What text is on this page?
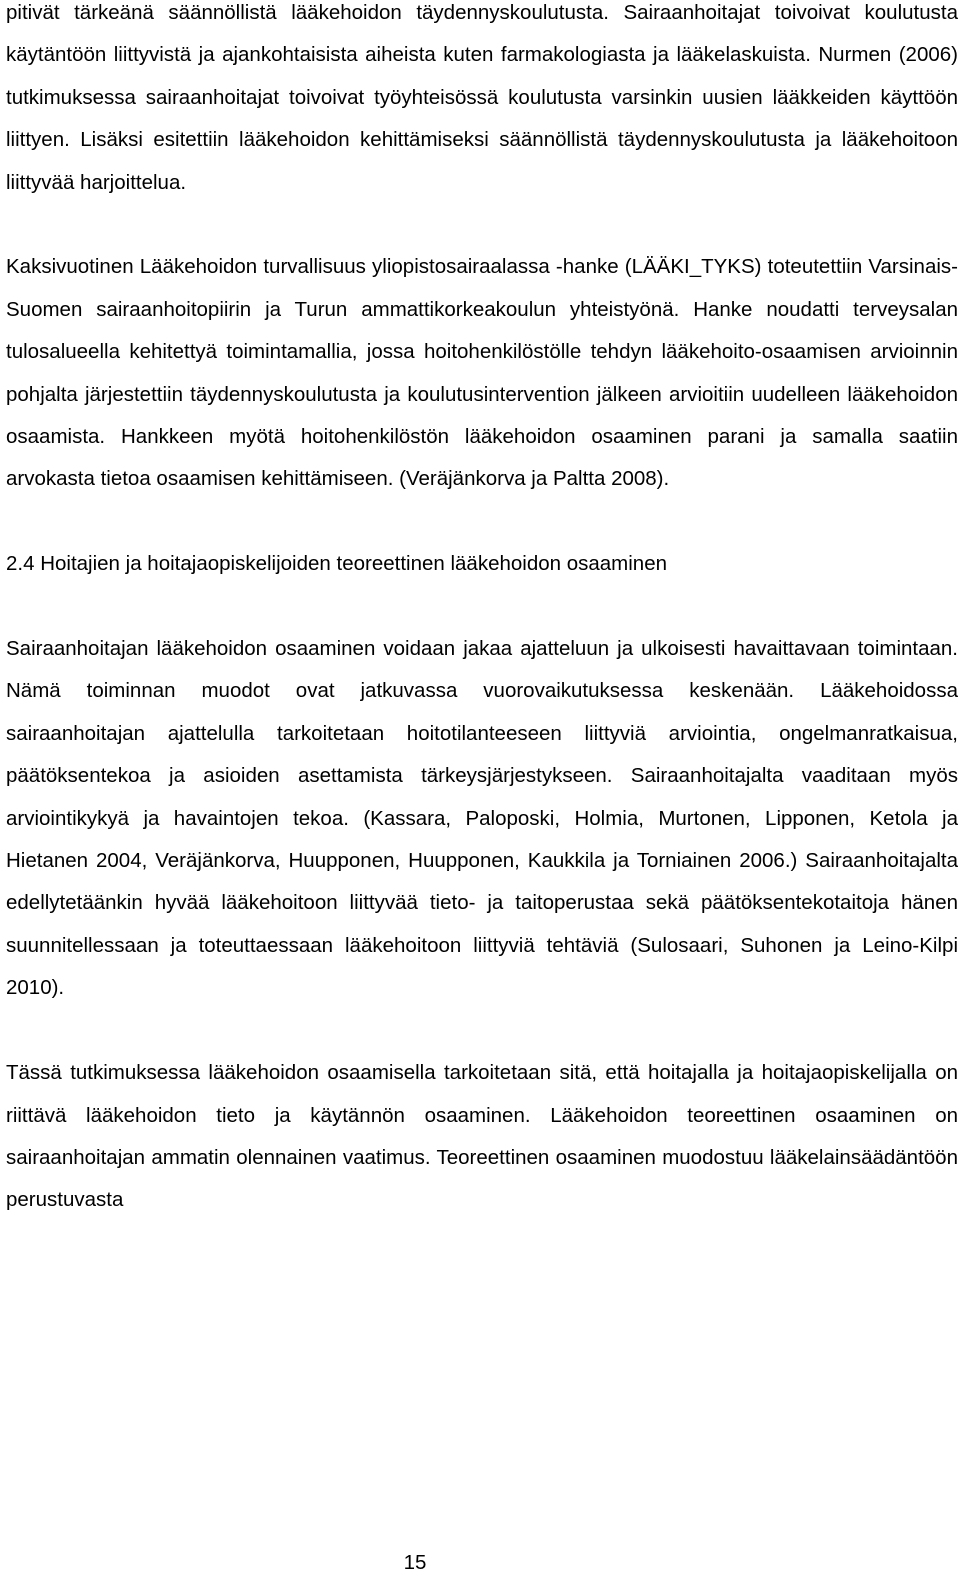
pitivät tärkeänä säännöllistä lääkehoidon täydennyskoulutusta. Sairaanhoitajat toivoivat koulutusta käytäntöön liittyvistä ja ajankohtaisista aiheista kuten farmakologiasta ja lääkelaskuista. Nurmen (2006) tutkimuksessa sairaanhoitajat toivoivat työyhteisössä koulutusta varsinkin uusien lääkkeiden käyttöön liittyen. Lisäksi esitettiin lääkehoidon kehittämiseksi säännöllistä täydennyskoulutusta ja lääkehoitoon liittyvää harjoittelua.

Kaksivuotinen Lääkehoidon turvallisuus yliopistosairaalassa -hanke (LÄÄKI_TYKS) toteutettiin Varsinais-Suomen sairaanhoitopiirin ja Turun ammattikorkeakoulun yhteistyönä. Hanke noudatti terveysalan tulosalueella kehitettyä toimintamallia, jossa hoitohenkilöstölle tehdyn lääkehoito-osaamisen arvioinnin pohjalta järjestettiin täydennyskoulutusta ja koulutusintervention jälkeen arvioitiin uudelleen lääkehoidon osaamista. Hankkeen myötä hoitohenkilöstön lääkehoidon osaaminen parani ja samalla saatiin arvokasta tietoa osaamisen kehittämiseen. (Veräjänkorva ja Paltta 2008).

2.4 Hoitajien ja hoitajaopiskelijoiden teoreettinen lääkehoidon osaaminen

Sairaanhoitajan lääkehoidon osaaminen voidaan jakaa ajatteluun ja ulkoisesti havaittavaan toimintaan. Nämä toiminnan muodot ovat jatkuvassa vuorovaikutuksessa keskenään. Lääkehoidossa sairaanhoitajan ajattelulla tarkoitetaan hoitotilanteeseen liittyviä arviointia, ongelmanratkaisua, päätöksentekoa ja asioiden asettamista tärkeysjärjestykseen. Sairaanhoitajalta vaaditaan myös arviointikykyä ja havaintojen tekoa. (Kassara, Paloposki, Holmia, Murtonen, Lipponen, Ketola ja Hietanen 2004, Veräjänkorva, Huupponen, Huupponen, Kaukkila ja Torniainen 2006.) Sairaanhoitajalta edellytetäänkin hyvää lääkehoitoon liittyvää tieto- ja taitoperustaa sekä päätöksentekotaitoja hänen suunnitellessaan ja toteuttaessaan lääkehoitoon liittyviä tehtäviä (Sulosaari, Suhonen ja Leino-Kilpi 2010).

Tässä tutkimuksessa lääkehoidon osaamisella tarkoitetaan sitä, että hoitajalla ja hoitajaopiskelijalla on riittävä lääkehoidon tieto ja käytännön osaaminen. Lääkehoidon teoreettinen osaaminen on sairaanhoitajan ammatin olennainen vaatimus. Teoreettinen osaaminen muodostuu lääkelainsäädäntöön perustuvasta

15
